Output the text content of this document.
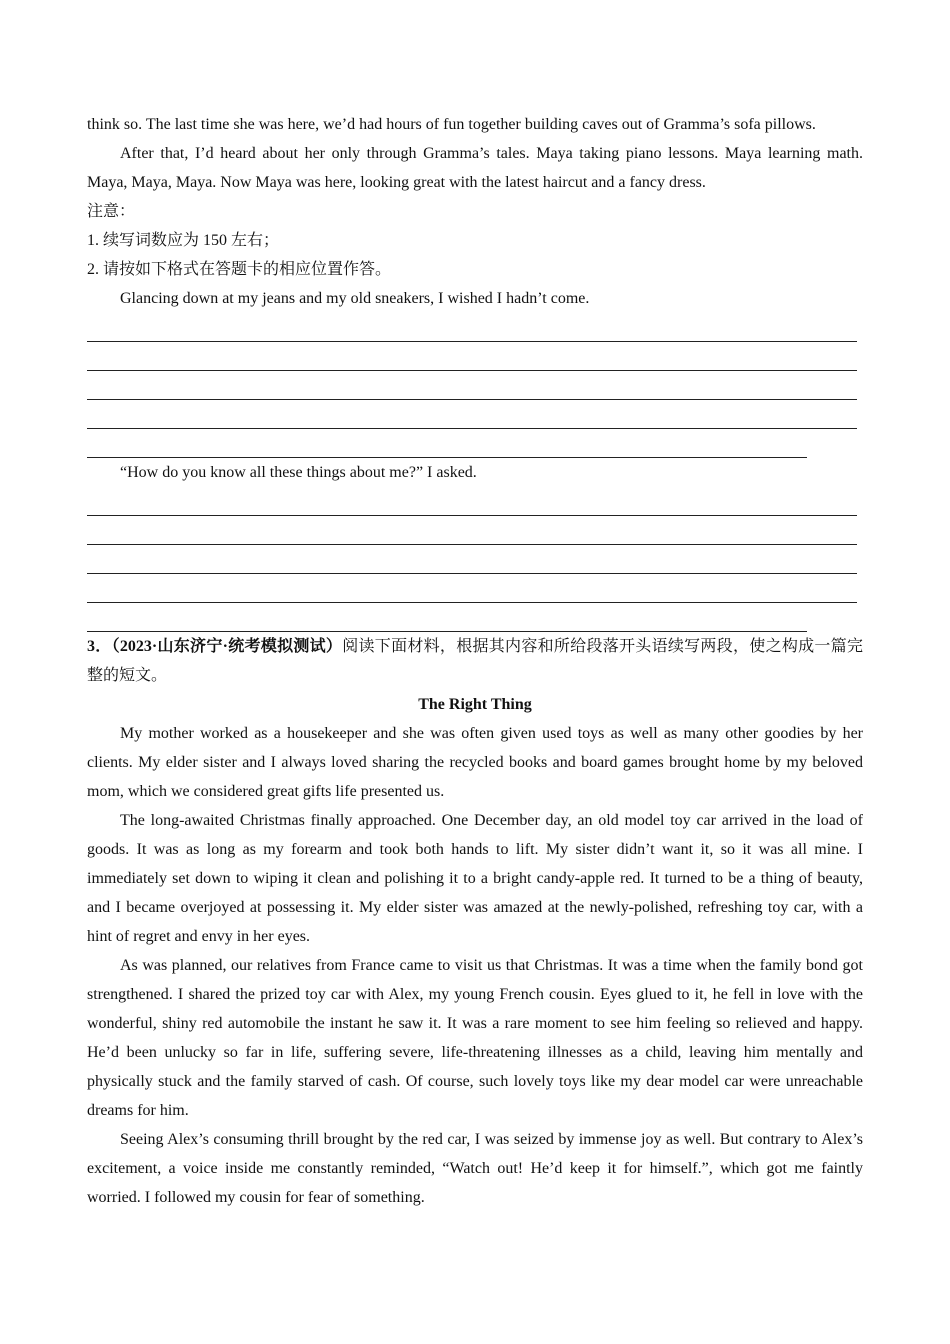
think so. The last time she was here, we’d had hours of fun together building caves out of Gramma’s sofa pillows.

After that, I’d heard about her only through Gramma’s tales. Maya taking piano lessons. Maya learning math. Maya, Maya, Maya. Now Maya was here, looking great with the latest haircut and a fancy dress.

注意：

1. 续写词数应为 150 左右；

2. 请按如下格式在答题卡的相应位置作答。

Glancing down at my jeans and my old sneakers, I wished I hadn’t come.

“How do you know all these things about me?” I asked.

3．（2023·山东济宁·统考模拟测试）阅读下面材料，根据其内容和所给段落开头语续写两段，使之构成一篇完整的短文。

The Right Thing

My mother worked as a housekeeper and she was often given used toys as well as many other goodies by her clients. My elder sister and I always loved sharing the recycled books and board games brought home by my beloved mom, which we considered great gifts life presented us.

The long-awaited Christmas finally approached. One December day, an old model toy car arrived in the load of goods. It was as long as my forearm and took both hands to lift. My sister didn’t want it, so it was all mine. I immediately set down to wiping it clean and polishing it to a bright candy-apple red. It turned to be a thing of beauty, and I became overjoyed at possessing it. My elder sister was amazed at the newly-polished, refreshing toy car, with a hint of regret and envy in her eyes.

As was planned, our relatives from France came to visit us that Christmas. It was a time when the family bond got strengthened. I shared the prized toy car with Alex, my young French cousin. Eyes glued to it, he fell in love with the wonderful, shiny red automobile the instant he saw it. It was a rare moment to see him feeling so relieved and happy. He’d been unlucky so far in life, suffering severe, life-threatening illnesses as a child, leaving him mentally and physically stuck and the family starved of cash. Of course, such lovely toys like my dear model car were unreachable dreams for him.

Seeing Alex’s consuming thrill brought by the red car, I was seized by immense joy as well. But contrary to Alex’s excitement, a voice inside me constantly reminded, “Watch out! He’d keep it for himself.”, which got me faintly worried. I followed my cousin for fear of something.
